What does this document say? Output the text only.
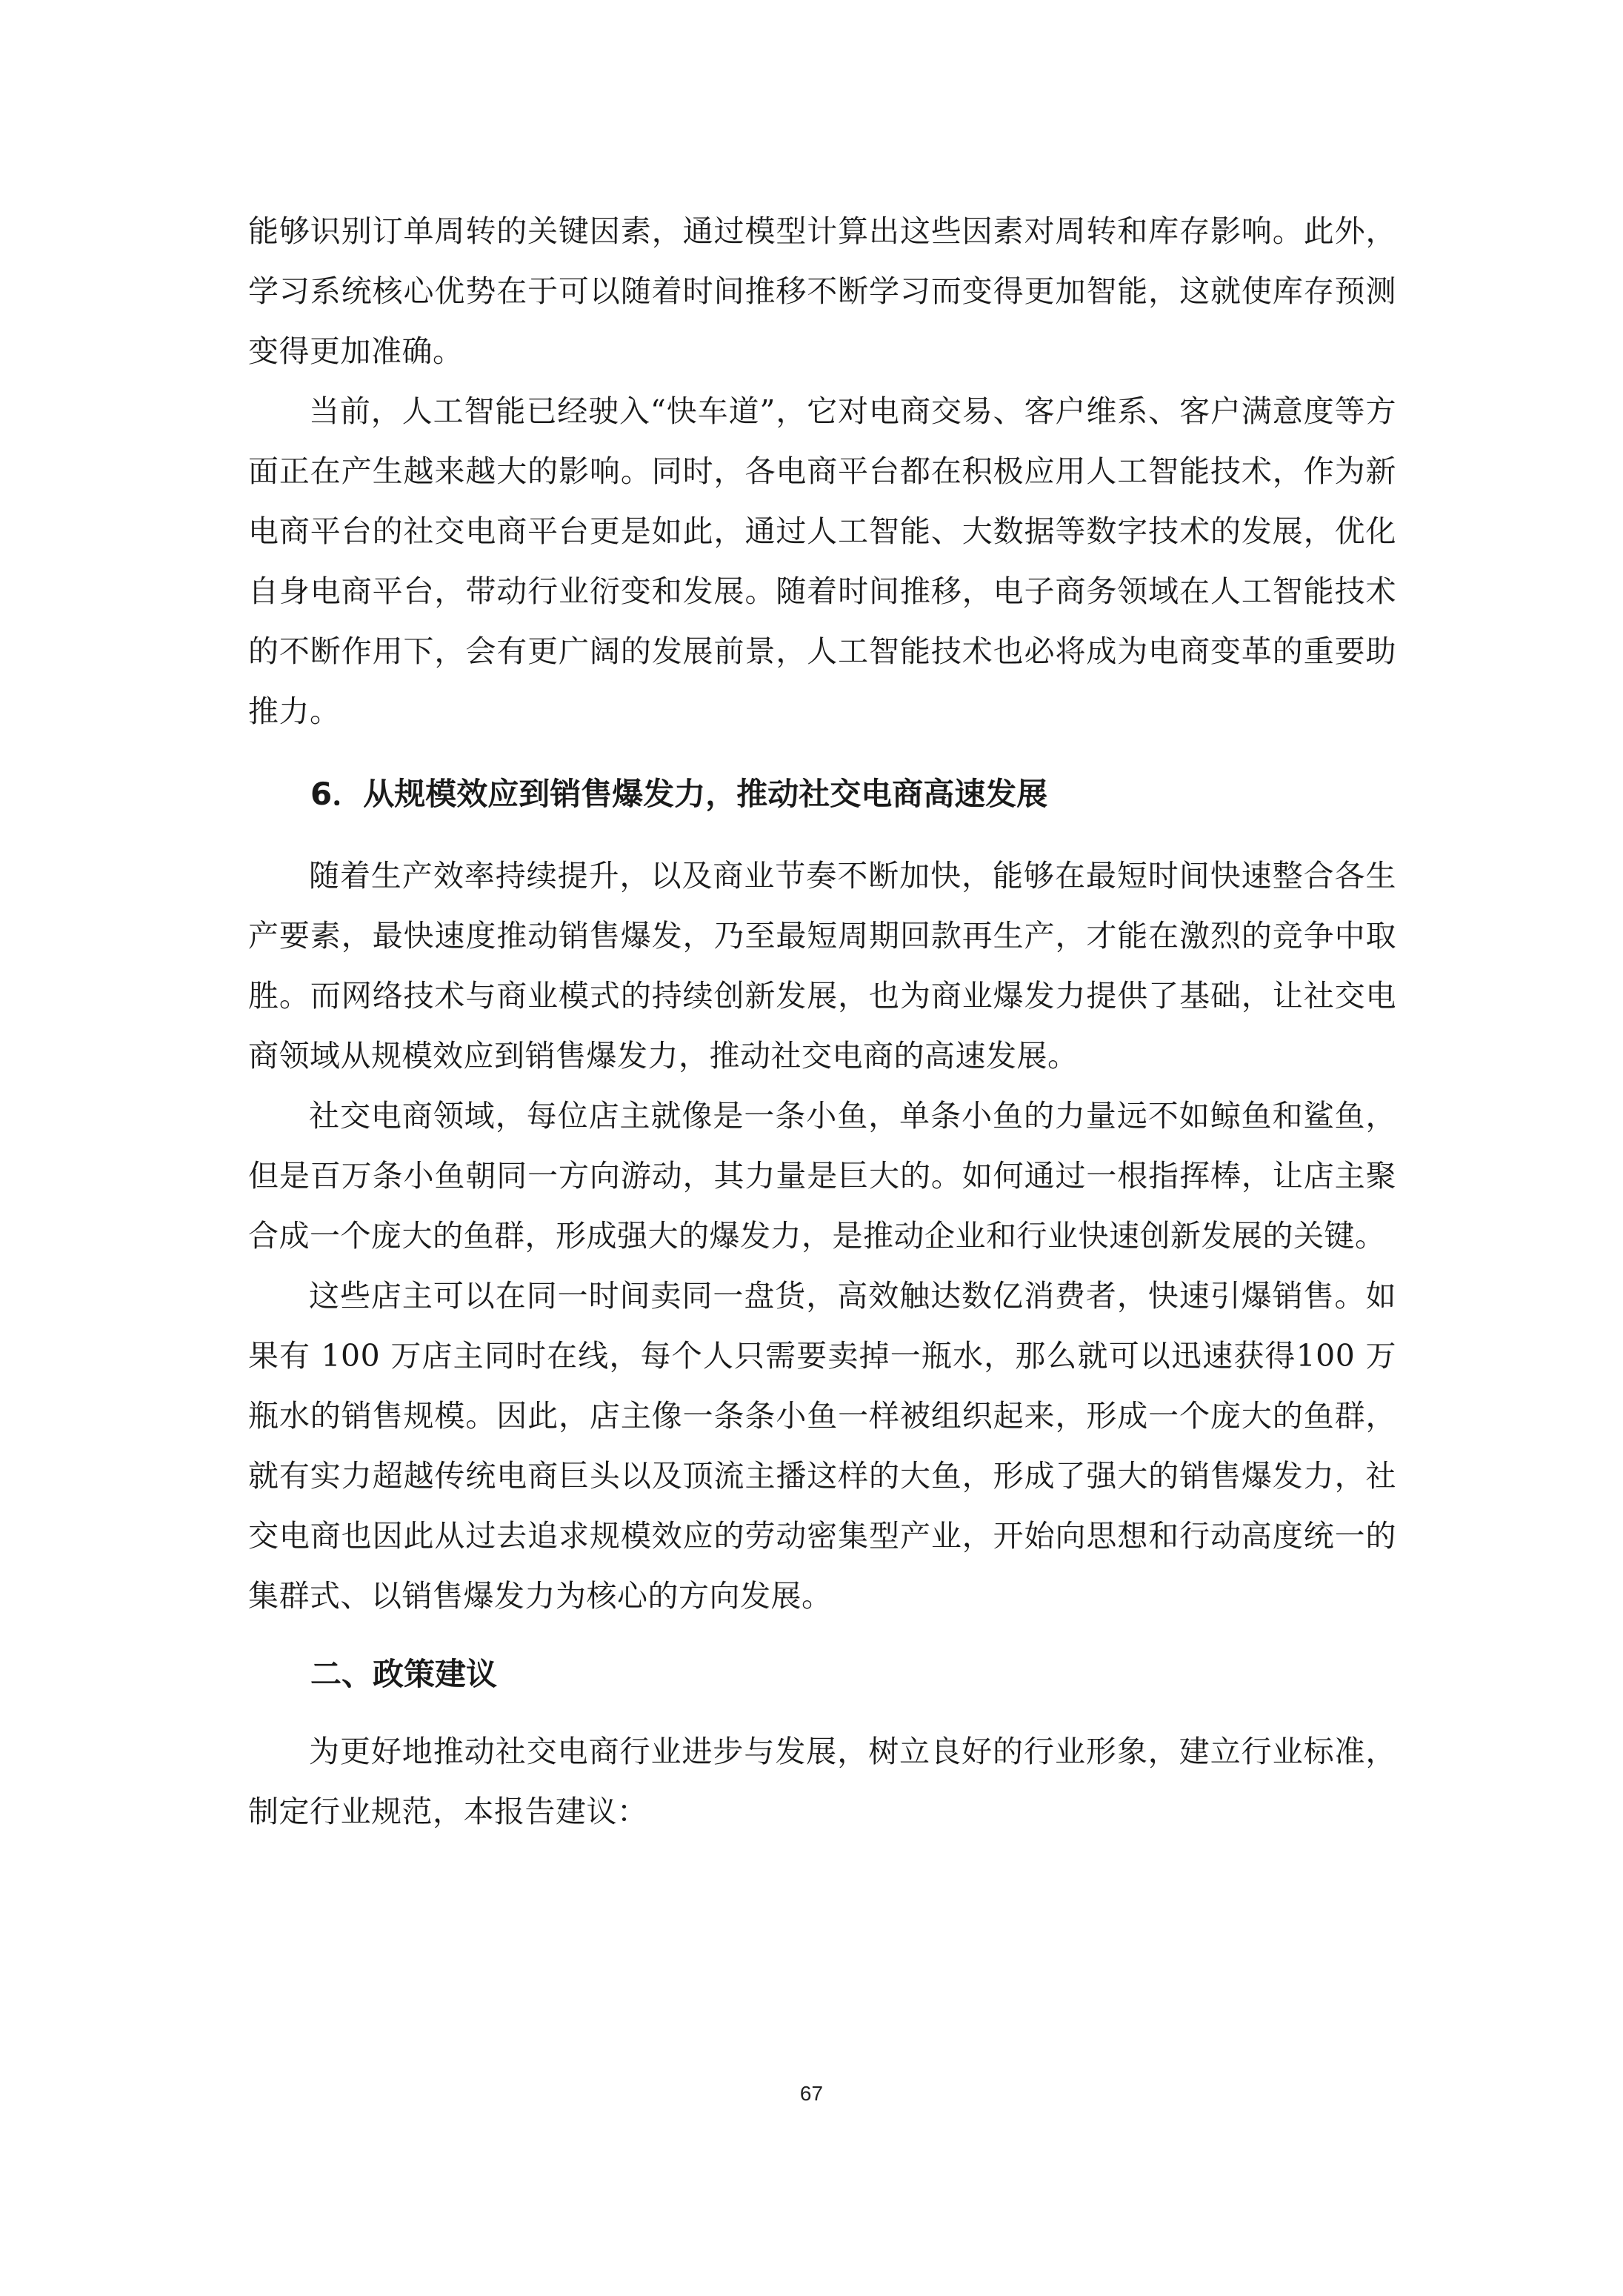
能够识别订单周转的关键因素，通过模型计算出这些因素对周转和库存影响。此外，学习系统核心优势在于可以随着时间推移不断学习而变得更加智能，这就使库存预测变得更加准确。

当前，人工智能已经驶入“快车道”，它对电商交易、客户维系、客户满意度等方面正在产生越来越大的影响。同时，各电商平台都在积极应用人工智能技术，作为新电商平台的社交电商平台更是如此，通过人工智能、大数据等数字技术的发展，优化自身电商平台，带动行业衍变和发展。随着时间推移，电子商务领域在人工智能技术的不断作用下，会有更广阔的发展前景，人工智能技术也必将成为电商变革的重要助推力。

6．从规模效应到销售爆发力，推动社交电商高速发展

随着生产效率持续提升，以及商业节奏不断加快，能够在最短时间快速整合各生产要素，最快速度推动销售爆发，乃至最短周期回款再生产，才能在激烈的竞争中取胜。而网络技术与商业模式的持续创新发展，也为商业爆发力提供了基础，让社交电商领域从规模效应到销售爆发力，推动社交电商的高速发展。

社交电商领域，每位店主就像是一条小鱼，单条小鱼的力量远不如鲸鱼和鲨鱼，但是百万条小鱼朝同一方向游动，其力量是巨大的。如何通过一根指挥棒，让店主聚合成一个庞大的鱼群，形成强大的爆发力，是推动企业和行业快速创新发展的关键。

这些店主可以在同一时间卖同一盘货，高效触达数亿消费者，快速引爆销售。如果有 100 万店主同时在线，每个人只需要卖掉一瓶水，那么就可以迅速获得100 万瓶水的销售规模。因此，店主像一条条小鱼一样被组织起来，形成一个庞大的鱼群，就有实力超越传统电商巨头以及顶流主播这样的大鱼，形成了强大的销售爆发力，社交电商也因此从过去追求规模效应的劳动密集型产业，开始向思想和行动高度统一的集群式、以销售爆发力为核心的方向发展。

二、政策建议

为更好地推动社交电商行业进步与发展，树立良好的行业形象，建立行业标准，制定行业规范，本报告建议：

67
